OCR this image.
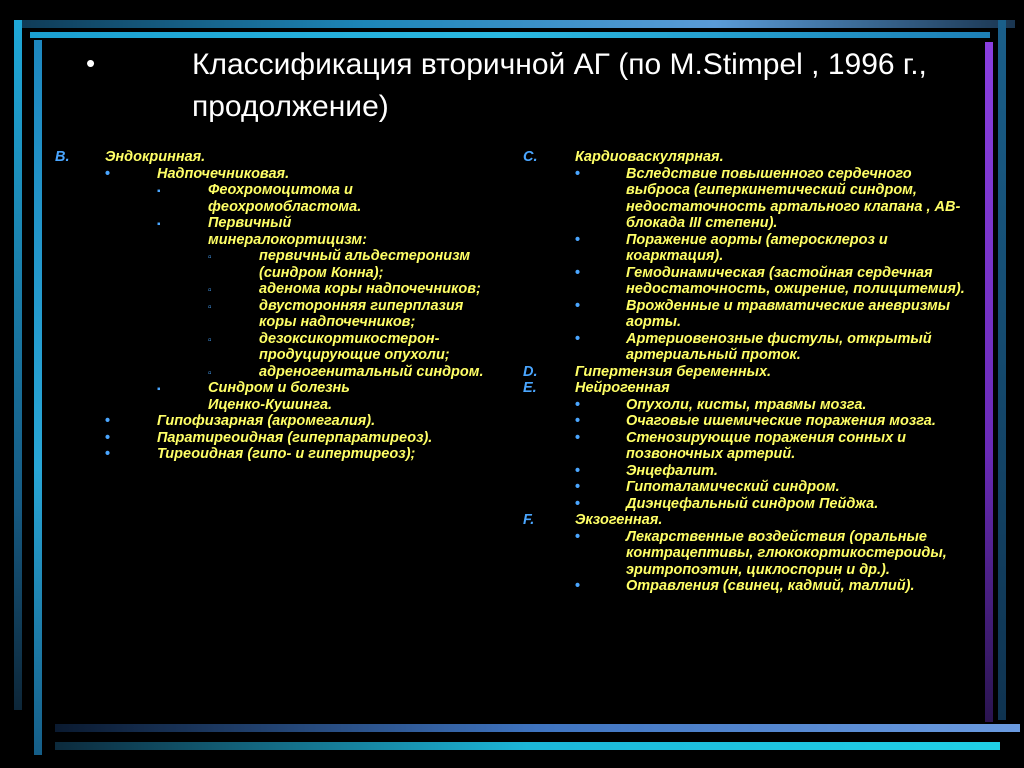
•	Классификация вторичной АГ (по M.Stimpel , 1996 г., продолжение)
B. Эндокринная.
•	Надпочечниковая.
▪	Феохромоцитома и феохромобластома.
▪	Первичный минералокортицизм:
▫	первичный альдестеронизм (синдром Конна);
▫	аденома коры надпочечников;
▫	двусторонняя гиперплазия коры надпочечников;
▫	дезоксикортикостерон-продуцирующие опухоли;
▫	адреногенитальный синдром.
▪	Синдром и болезнь Иценко-Кушинга.
•	Гипофизарная (акромегалия).
•	Паратиреоидная (гиперпаратиреоз).
•	Тиреоидная (гипо- и гипертиреоз);
C.	Кардиоваскулярная.
•	Вследствие повышенного сердечного выброса (гиперкинетический синдром, недостаточность артального клапана , АВ-блокада III степени).
•	Поражение аорты (атеросклероз и коарктация).
•	Гемодинамическая (застойная сердечная недостаточность, ожирение, полицитемия).
•	Врожденные и травматические аневризмы аорты.
•	Артериовенозные фистулы, открытый артериальный проток.
D.	Гипертензия беременных.
E.	Нейрогенная
•	Опухоли, кисты, травмы мозга.
•	Очаговые ишемические поражения мозга.
•	Стенозирующие поражения сонных и позвоночных артерий.
•	Энцефалит.
•	Гипоталамический синдром.
•	Диэнцефальный синдром Пейджа.
F.	Экзогенная.
•	Лекарственные воздействия (оральные контрацептивы, глюкокортикостероиды, эритропоэтин, циклоспорин и др.).
•	Отравления (свинец, кадмий, таллий).
